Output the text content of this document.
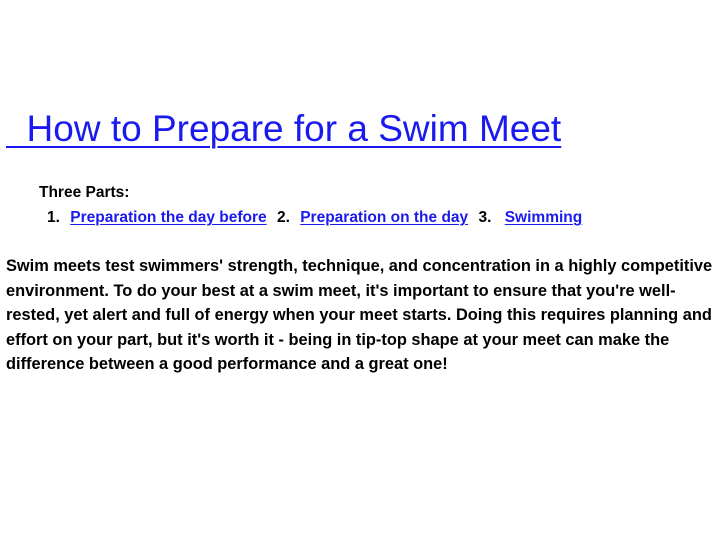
How to Prepare for a Swim Meet
Three Parts:
1. Preparation the day before 2. Preparation on the day 3. Swimming
Swim meets test swimmers' strength, technique, and concentration in a highly competitive environment. To do your best at a swim meet, it's important to ensure that you're well-rested, yet alert and full of energy when your meet starts. Doing this requires planning and effort on your part, but it's worth it - being in tip-top shape at your meet can make the difference between a good performance and a great one!
